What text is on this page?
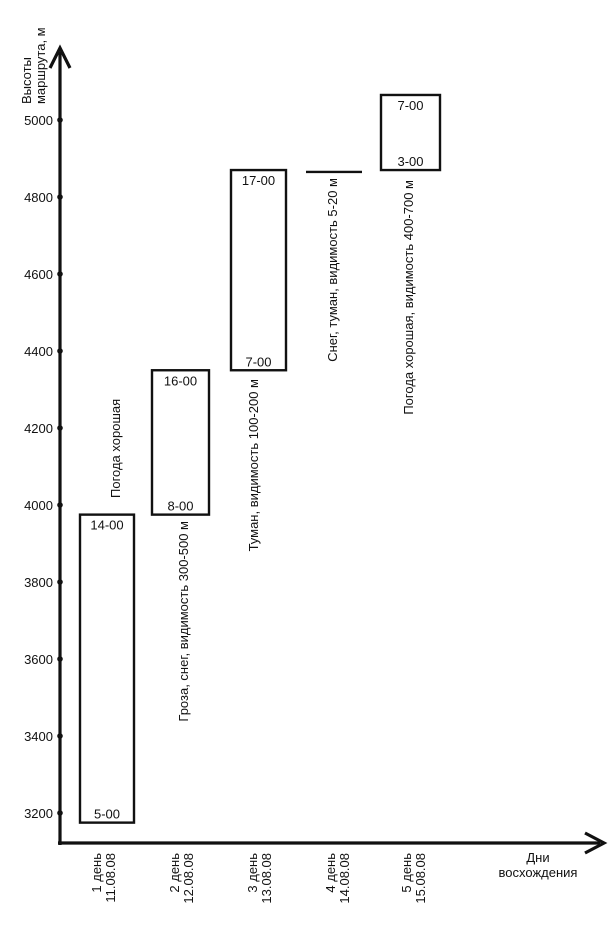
Высоты маршрута, м
Дни
восхождения
3200
3400
3600
3800
4000
4200
4400
4600
4800
5000
14-00
5-00
Погода хорошая
16-00
8-00
Гроза, снег, видимость 300-500 м
17-00
7-00
Туман, видимость 100-200 м
Снег, туман, видимость 5-20 м
7-00
3-00
Погода хорошая, видимость 400-700 м
1 день 11.08.08	2 день 12.08.08	3 день 13.08.08	4 день 14.08.08	5 день 15.08.08
